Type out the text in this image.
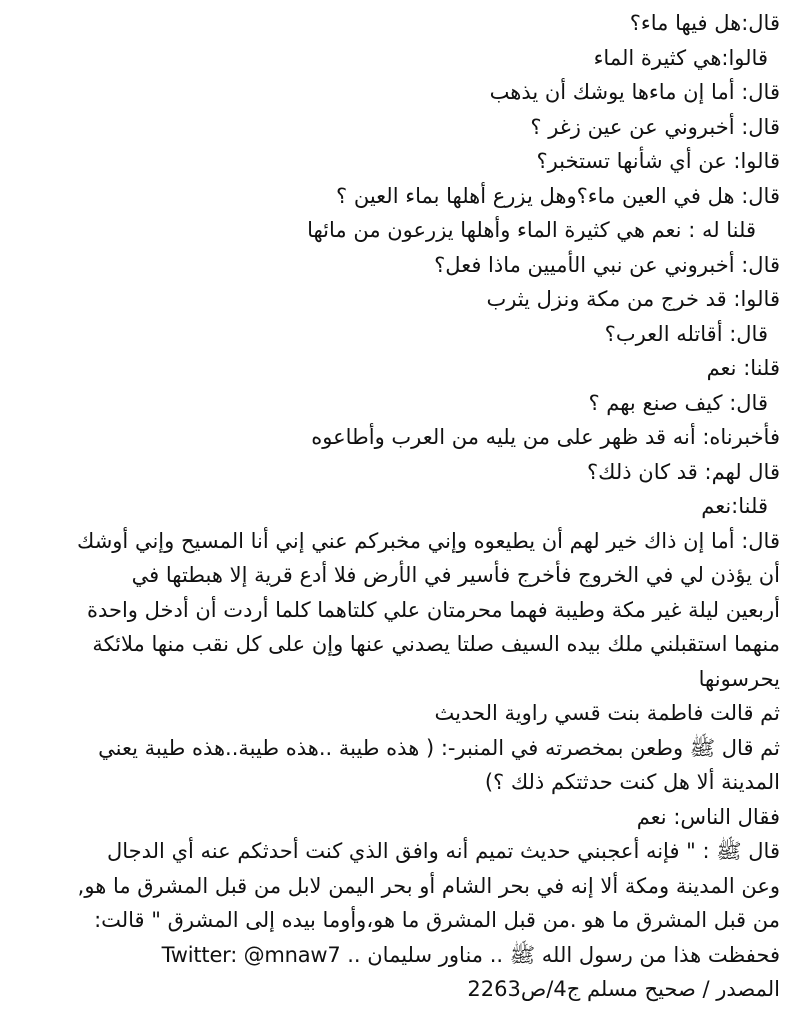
قال:هل فيها ماء؟
قالوا:هي كثيرة الماء
قال: أما إن ماءها يوشك أن يذهب
قال: أخبروني عن عين زغر ؟
قالوا: عن أي شأنها تستخبر؟
قال: هل في العين ماء؟وهل يزرع أهلها بماء العين ؟
قلنا له : نعم هي كثيرة الماء وأهلها يزرعون من مائها
قال: أخبروني عن نبي الأميين ماذا فعل؟
قالوا: قد خرج من مكة ونزل يثرب
قال: أقاتله العرب؟
قلنا: نعم
قال: كيف صنع بهم ؟
فأخبرناه: أنه قد ظهر على من يليه من العرب وأطاعوه
قال لهم: قد كان ذلك؟
قلنا:نعم
قال: أما إن ذاك خير لهم أن يطيعوه وإني مخبركم عني إني أنا المسيح وإني أوشك
أن يؤذن لي في الخروج فأخرج فأسير في الأرض فلا أدع قرية إلا هبطتها في
أربعين ليلة غير مكة وطيبة فهما محرمتان علي كلتاهما كلما أردت أن أدخل واحدة
منهما استقبلني ملك بيده السيف صلتا يصدني عنها وإن على كل نقب منها ملائكة
يحرسونها
ثم قالت فاطمة بنت قسي راوية الحديث
ثم قال ﷺ وطعن بمخصرته في المنبر-: ( هذه طيبة ..هذه طيبة..هذه طيبة يعني
المدينة ألا هل كنت حدثتكم ذلك ؟)
فقال الناس: نعم
قال ﷺ : " فإنه أعجبني حديث تميم أنه وافق الذي كنت أحدثكم عنه أي الدجال
وعن المدينة ومكة ألا إنه في بحر الشام أو بحر اليمن لابل من قبل المشرق ما هو,
من قبل المشرق ما هو .من قبل المشرق ما هو،وأوما بيده إلى المشرق " قالت:
فحفظت هذا من رسول الله ﷺ .. مناور سليمان .. Twitter: @mnaw7
المصدر / صحيح مسلم ج4/ص2263
